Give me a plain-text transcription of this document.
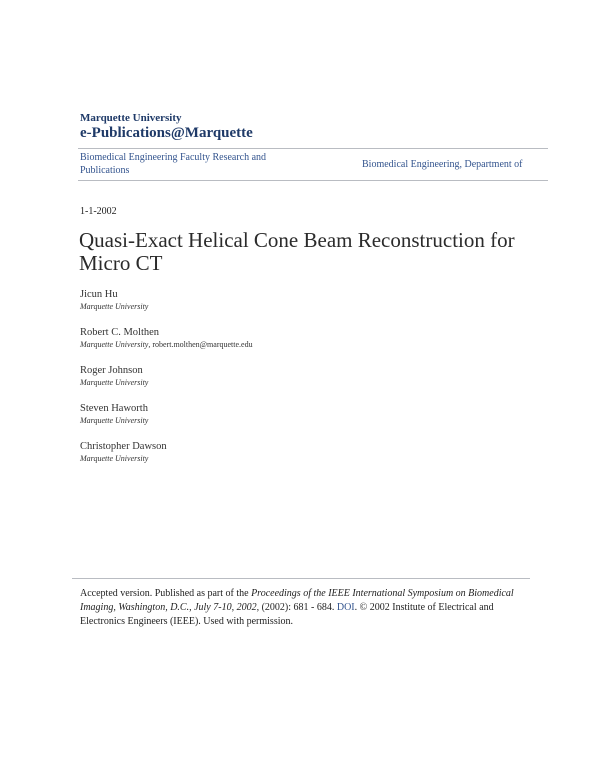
Marquette University
e-Publications@Marquette
Biomedical Engineering Faculty Research and Publications
Biomedical Engineering, Department of
1-1-2002
Quasi-Exact Helical Cone Beam Reconstruction for Micro CT
Jicun Hu
Marquette University
Robert C. Molthen
Marquette University, robert.molthen@marquette.edu
Roger Johnson
Marquette University
Steven Haworth
Marquette University
Christopher Dawson
Marquette University
Accepted version. Published as part of the Proceedings of the IEEE International Symposium on Biomedical Imaging, Washington, D.C., July 7-10, 2002, (2002): 681 - 684. DOI. © 2002 Institute of Electrical and Electronics Engineers (IEEE). Used with permission.
